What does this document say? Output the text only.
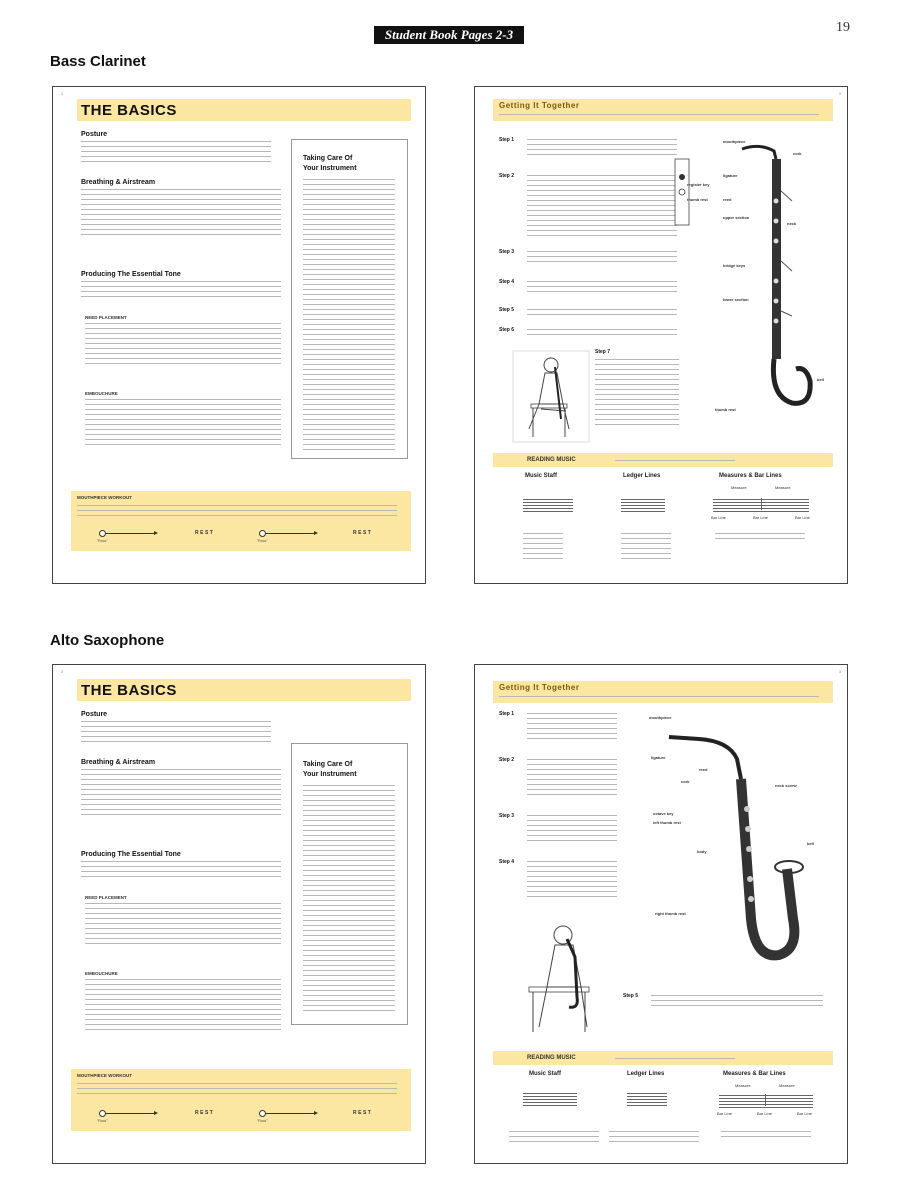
Student Book Pages 2-3	19
Bass Clarinet
2
THE BASICS
Posture
Breathing & Airstream
Producing The Essential Tone
REED PLACEMENT
EMBOUCHURE
Taking Care Of
Your Instrument
MOUTHPIECE WORKOUT
"Fooo"
REST
"Fooo"
REST
3
Getting It Together
Step 1
Step 2
Step 3
Step 4
Step 5
Step 6
Step 7
register key
thumb rest
mouthpiece
cork
ligature
reed
upper section
neck
bridge keys
lower section
bell
thumb rest
READING MUSIC
Music Staff	Ledger Lines	Measures & Bar Lines
Measure	Measure
Bar Line	Bar Line	Bar Line
Alto Saxophone
2
THE BASICS
Posture
Breathing & Airstream
Producing The Essential Tone
REED PLACEMENT
EMBOUCHURE
Taking Care Of
Your Instrument
MOUTHPIECE WORKOUT
"Fooo"
REST
"Fooo"
REST
3
Getting It Together
Step 1
Step 2
Step 3
Step 4
Step 5
mouthpiece
ligature
reed
cork
neck screw
octave key
left thumb rest
body
bell
right thumb rest
READING MUSIC
Music Staff	Ledger Lines	Measures & Bar Lines
Measure	Measure
Bar Line	Bar Line	Bar Line
